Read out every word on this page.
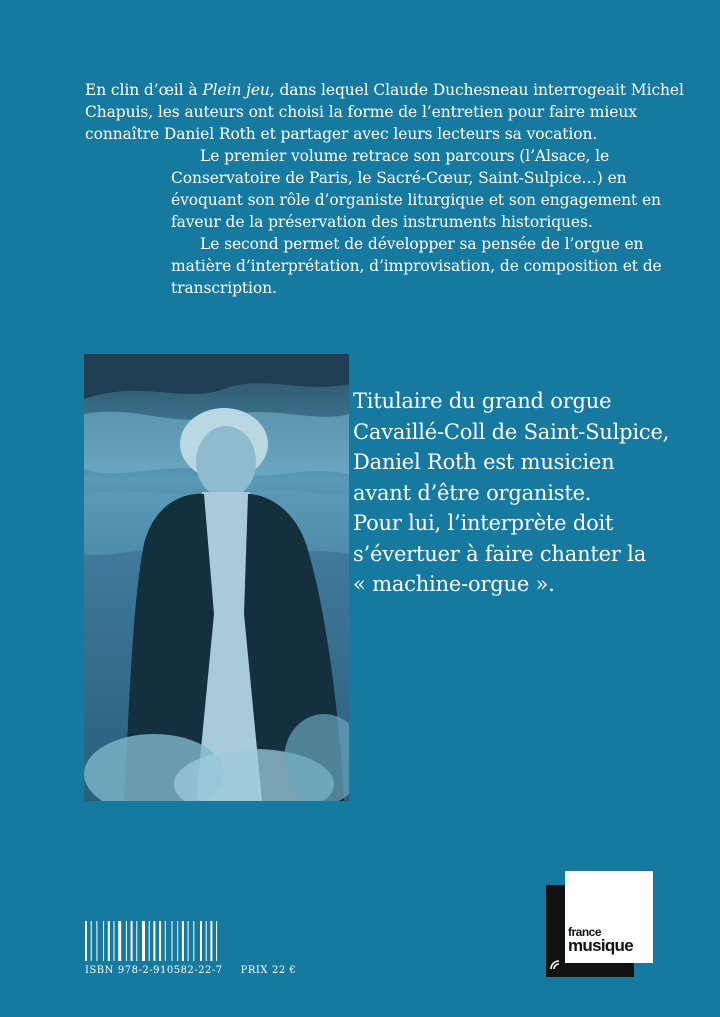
En clin d’œil à Plein jeu, dans lequel Claude Duchesneau interrogeait Michel Chapuis, les auteurs ont choisi la forme de l’entretien pour faire mieux connaître Daniel Roth et partager avec leurs lecteurs sa vocation.

Le premier volume retrace son parcours (l’Alsace, le Conservatoire de Paris, le Sacré-Cœur, Saint-Sulpice…) en évoquant son rôle d’organiste liturgique et son engagement en faveur de la préservation des instruments historiques.

Le second permet de développer sa pensée de l’orgue en matière d’interprétation, d’improvisation, de composition et de transcription.

Titulaire du grand orgue
Cavaillé-Coll de Saint-Sulpice,
Daniel Roth est musicien
avant d’être organiste.
Pour lui, l’interprète doit
s’évertuer à faire chanter la
« machine-orgue ».
ISBN 978-2-910582-22-7 PRIX 22 €
france
musique
